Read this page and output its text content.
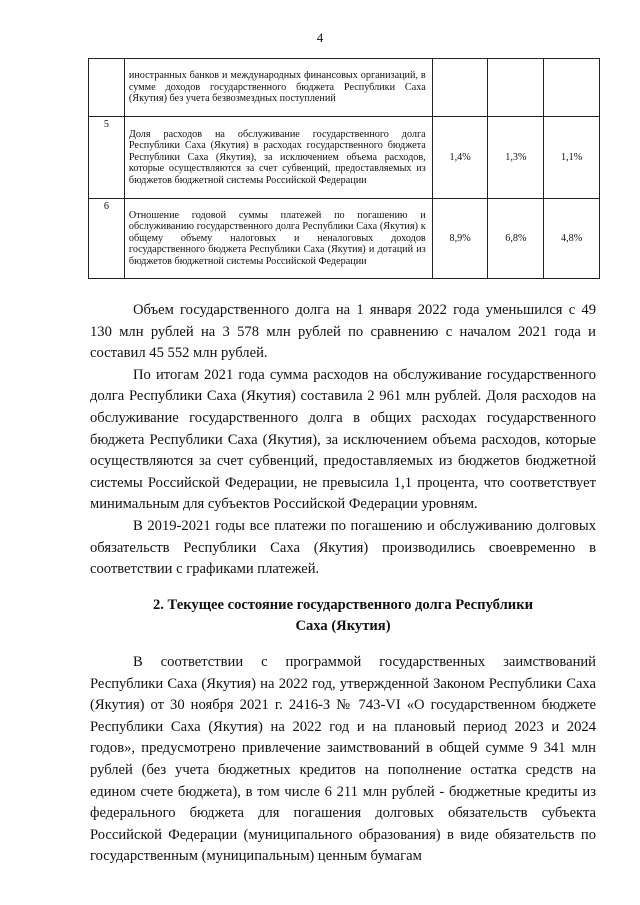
4
	иностранных банков и международных финансовых организаций, в сумме доходов государственного бюджета Республики Саха (Якутия) без учета безвозмездных поступлений			
5	Доля расходов на обслуживание государственного долга Республики Саха (Якутия) в расходах государственного бюджета Республики Саха (Якутия), за исключением объема расходов, которые осуществляются за счет субвенций, предоставляемых из бюджетов бюджетной системы Российской Федерации	1,4%	1,3%	1,1%
6	Отношение годовой суммы платежей по погашению и обслуживанию государственного долга Республики Саха (Якутия) к общему объему налоговых и неналоговых доходов государственного бюджета Республики Саха (Якутия) и дотаций из бюджетов бюджетной системы Российской Федерации	8,9%	6,8%	4,8%

Объем государственного долга на 1 января 2022 года уменьшился с 49 130 млн рублей на 3 578 млн рублей по сравнению с началом 2021 года и составил 45 552 млн рублей.

По итогам 2021 года сумма расходов на обслуживание государственного долга Республики Саха (Якутия) составила 2 961 млн рублей. Доля расходов на обслуживание государственного долга в общих расходах государственного бюджета Республики Саха (Якутия), за исключением объема расходов, которые осуществляются за счет субвенций, предоставляемых из бюджетов бюджетной системы Российской Федерации, не превысила 1,1 процента, что соответствует минимальным для субъектов Российской Федерации уровням.

В 2019-2021 годы все платежи по погашению и обслуживанию долговых обязательств Республики Саха (Якутия) производились своевременно в соответствии с графиками платежей.

2. Текущее состояние государственного долга Республики
Саха (Якутия)

В соответствии с программой государственных заимствований Республики Саха (Якутия) на 2022 год, утвержденной Законом Республики Саха (Якутия) от 30 ноября 2021 г. 2416-З № 743-VI «О государственном бюджете Республики Саха (Якутия) на 2022 год и на плановый период 2023 и 2024 годов», предусмотрено привлечение заимствований в общей сумме 9 341 млн рублей (без учета бюджетных кредитов на пополнение остатка средств на едином счете бюджета), в том числе 6 211 млн рублей - бюджетные кредиты из федерального бюджета для погашения долговых обязательств субъекта Российской Федерации (муниципального образования) в виде обязательств по государственным (муниципальным) ценным бумагам
